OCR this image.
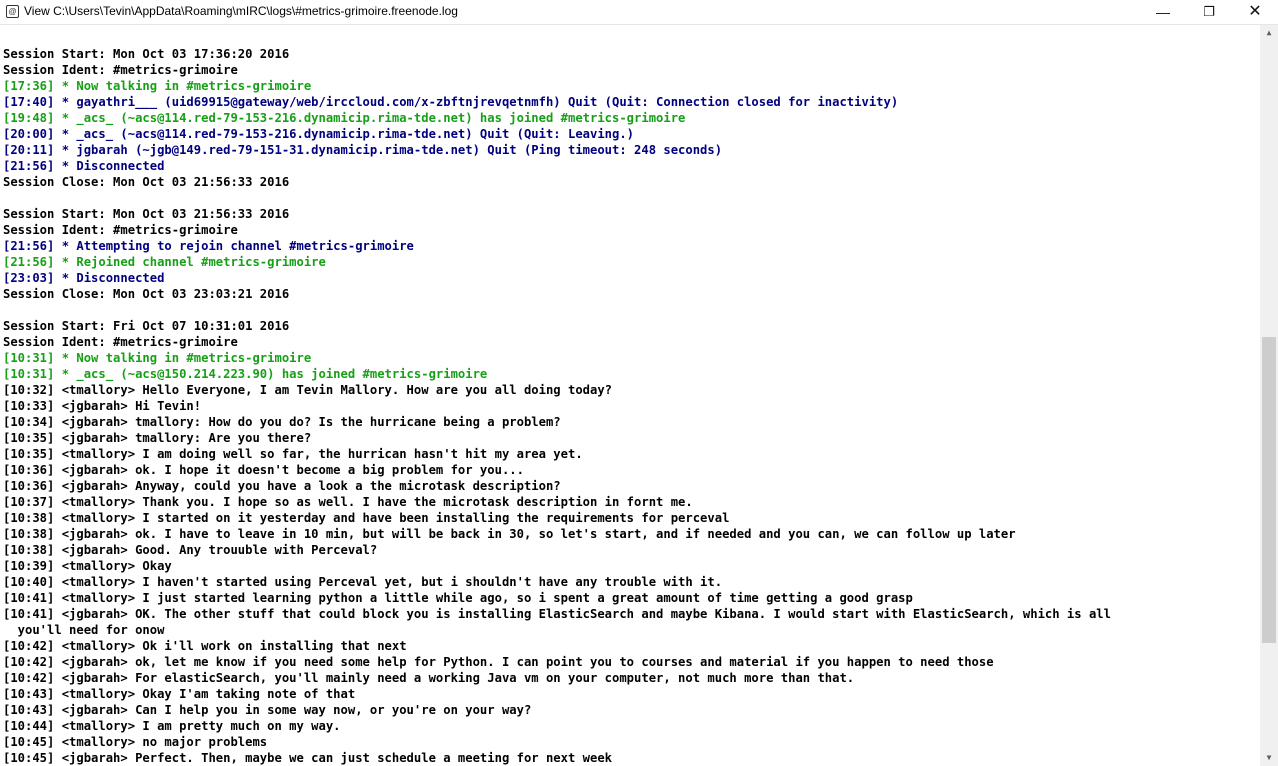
@ View C:\Users\Tevin\AppData\Roaming\mIRC\logs\#metrics-grimoire.freenode.log	—	❐	✕
Session Start: Mon Oct 03 17:36:20 2016
Session Ident: #metrics-grimoire
[17:36] * Now talking in #metrics-grimoire
[17:40] * gayathri___ (uid69915@gateway/web/irccloud.com/x-zbftnjrevqetnmfh) Quit (Quit: Connection closed for inactivity)
[19:48] * _acs_ (~acs@114.red-79-153-216.dynamicip.rima-tde.net) has joined #metrics-grimoire
[20:00] * _acs_ (~acs@114.red-79-153-216.dynamicip.rima-tde.net) Quit (Quit: Leaving.)
[20:11] * jgbarah (~jgb@149.red-79-151-31.dynamicip.rima-tde.net) Quit (Ping timeout: 248 seconds)
[21:56] * Disconnected
Session Close: Mon Oct 03 21:56:33 2016
Session Start: Mon Oct 03 21:56:33 2016
Session Ident: #metrics-grimoire
[21:56] * Attempting to rejoin channel #metrics-grimoire
[21:56] * Rejoined channel #metrics-grimoire
[23:03] * Disconnected
Session Close: Mon Oct 03 23:03:21 2016
Session Start: Fri Oct 07 10:31:01 2016
Session Ident: #metrics-grimoire
[10:31] * Now talking in #metrics-grimoire
[10:31] * _acs_ (~acs@150.214.223.90) has joined #metrics-grimoire
[10:32] <tmallory> Hello Everyone, I am Tevin Mallory. How are you all doing today?
[10:33] <jgbarah> Hi Tevin!
[10:34] <jgbarah> tmallory: How do you do? Is the hurricane being a problem?
[10:35] <jgbarah> tmallory: Are you there?
[10:35] <tmallory> I am doing well so far, the hurrican hasn't hit my area yet.
[10:36] <jgbarah> ok. I hope it doesn't become a big problem for you...
[10:36] <jgbarah> Anyway, could you have a look a the microtask description?
[10:37] <tmallory> Thank you. I hope so as well. I have the microtask description in fornt me.
[10:38] <tmallory> I started on it yesterday and have been installing the requirements for perceval
[10:38] <jgbarah> ok. I have to leave in 10 min, but will be back in 30, so let's start, and if needed and you can, we can follow up later
[10:38] <jgbarah> Good. Any trouuble with Perceval?
[10:39] <tmallory> Okay
[10:40] <tmallory> I haven't started using Perceval yet, but i shouldn't have any trouble with it.
[10:41] <tmallory> I just started learning python a little while ago, so i spent a great amount of time getting a good grasp
[10:41] <jgbarah> OK. The other stuff that could block you is installing ElasticSearch and maybe Kibana. I would start with ElasticSearch, which is all
you'll need for onow
[10:42] <tmallory> Ok i'll work on installing that next
[10:42] <jgbarah> ok, let me know if you need some help for Python. I can point you to courses and material if you happen to need those
[10:42] <jgbarah> For elasticSearch, you'll mainly need a working Java vm on your computer, not much more than that.
[10:43] <tmallory> Okay I'am taking note of that
[10:43] <jgbarah> Can I help you in some way now, or you're on your way?
[10:44] <tmallory> I am pretty much on my way.
[10:45] <tmallory> no major problems
[10:45] <jgbarah> Perfect. Then, maybe we can just schedule a meeting for next week
▲
▼
